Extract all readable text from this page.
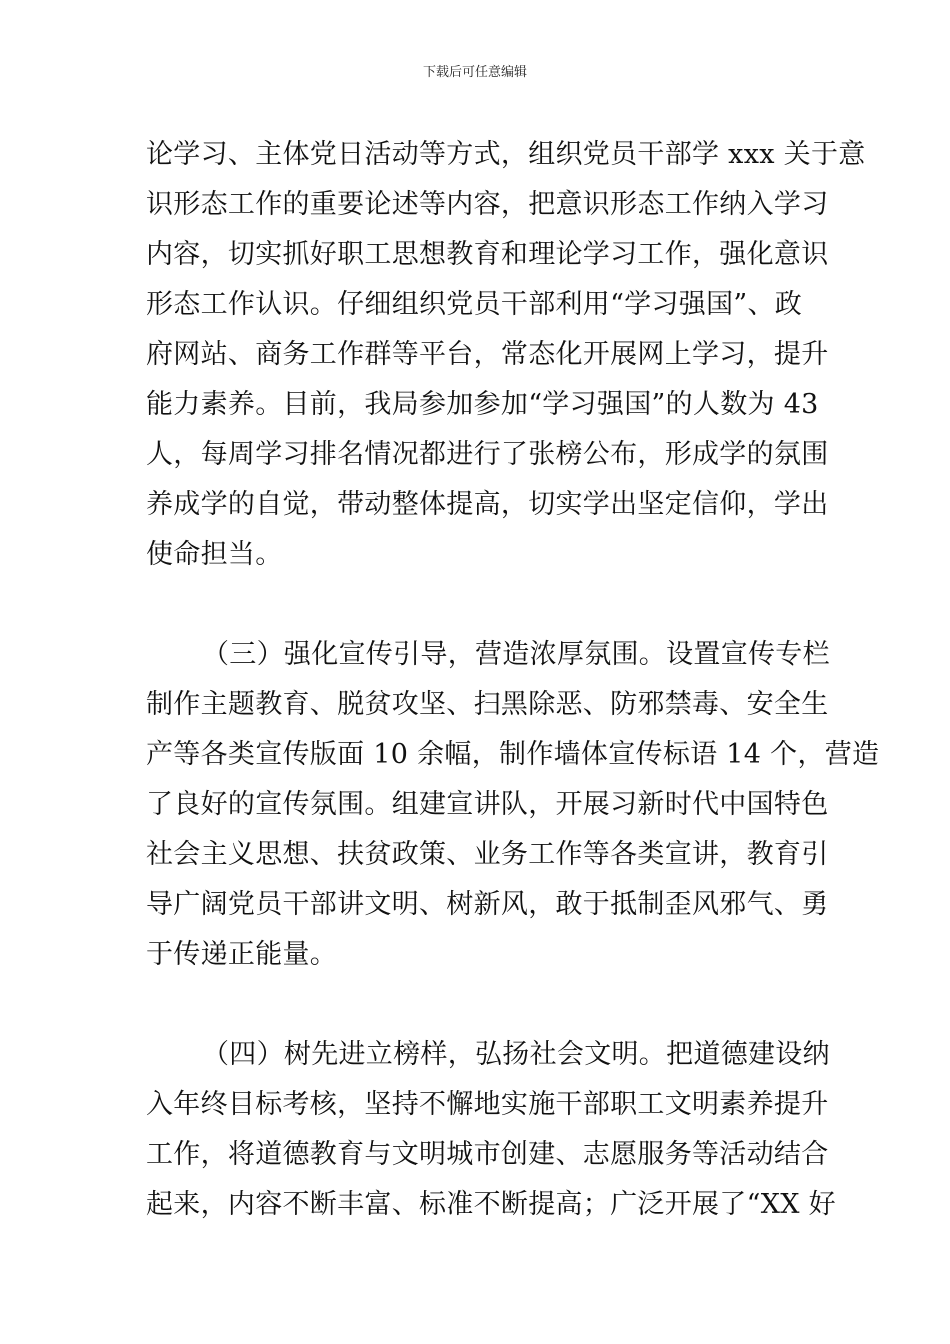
下载后可任意编辑
论学习、主体党日活动等方式，组织党员干部学 xxx 关于意
识形态工作的重要论述等内容，把意识形态工作纳入学习
内容，切实抓好职工思想教育和理论学习工作，强化意识
形态工作认识。仔细组织党员干部利用“学习强国”、政
府网站、商务工作群等平台，常态化开展网上学习，提升
能力素养。目前，我局参加参加“学习强国”的人数为 43
人，每周学习排名情况都进行了张榜公布，形成学的氛围
养成学的自觉，带动整体提高，切实学出坚定信仰，学出
使命担当。
（三）强化宣传引导，营造浓厚氛围。设置宣传专栏
制作主题教育、脱贫攻坚、扫黑除恶、防邪禁毒、安全生
产等各类宣传版面 10 余幅，制作墙体宣传标语 14 个，营造
了良好的宣传氛围。组建宣讲队，开展习新时代中国特色
社会主义思想、扶贫政策、业务工作等各类宣讲，教育引
导广阔党员干部讲文明、树新风，敢于抵制歪风邪气、勇
于传递正能量。
（四）树先进立榜样，弘扬社会文明。把道德建设纳
入年终目标考核，坚持不懈地实施干部职工文明素养提升
工作，将道德教育与文明城市创建、志愿服务等活动结合
起来，内容不断丰富、标准不断提高；广泛开展了“XX 好
